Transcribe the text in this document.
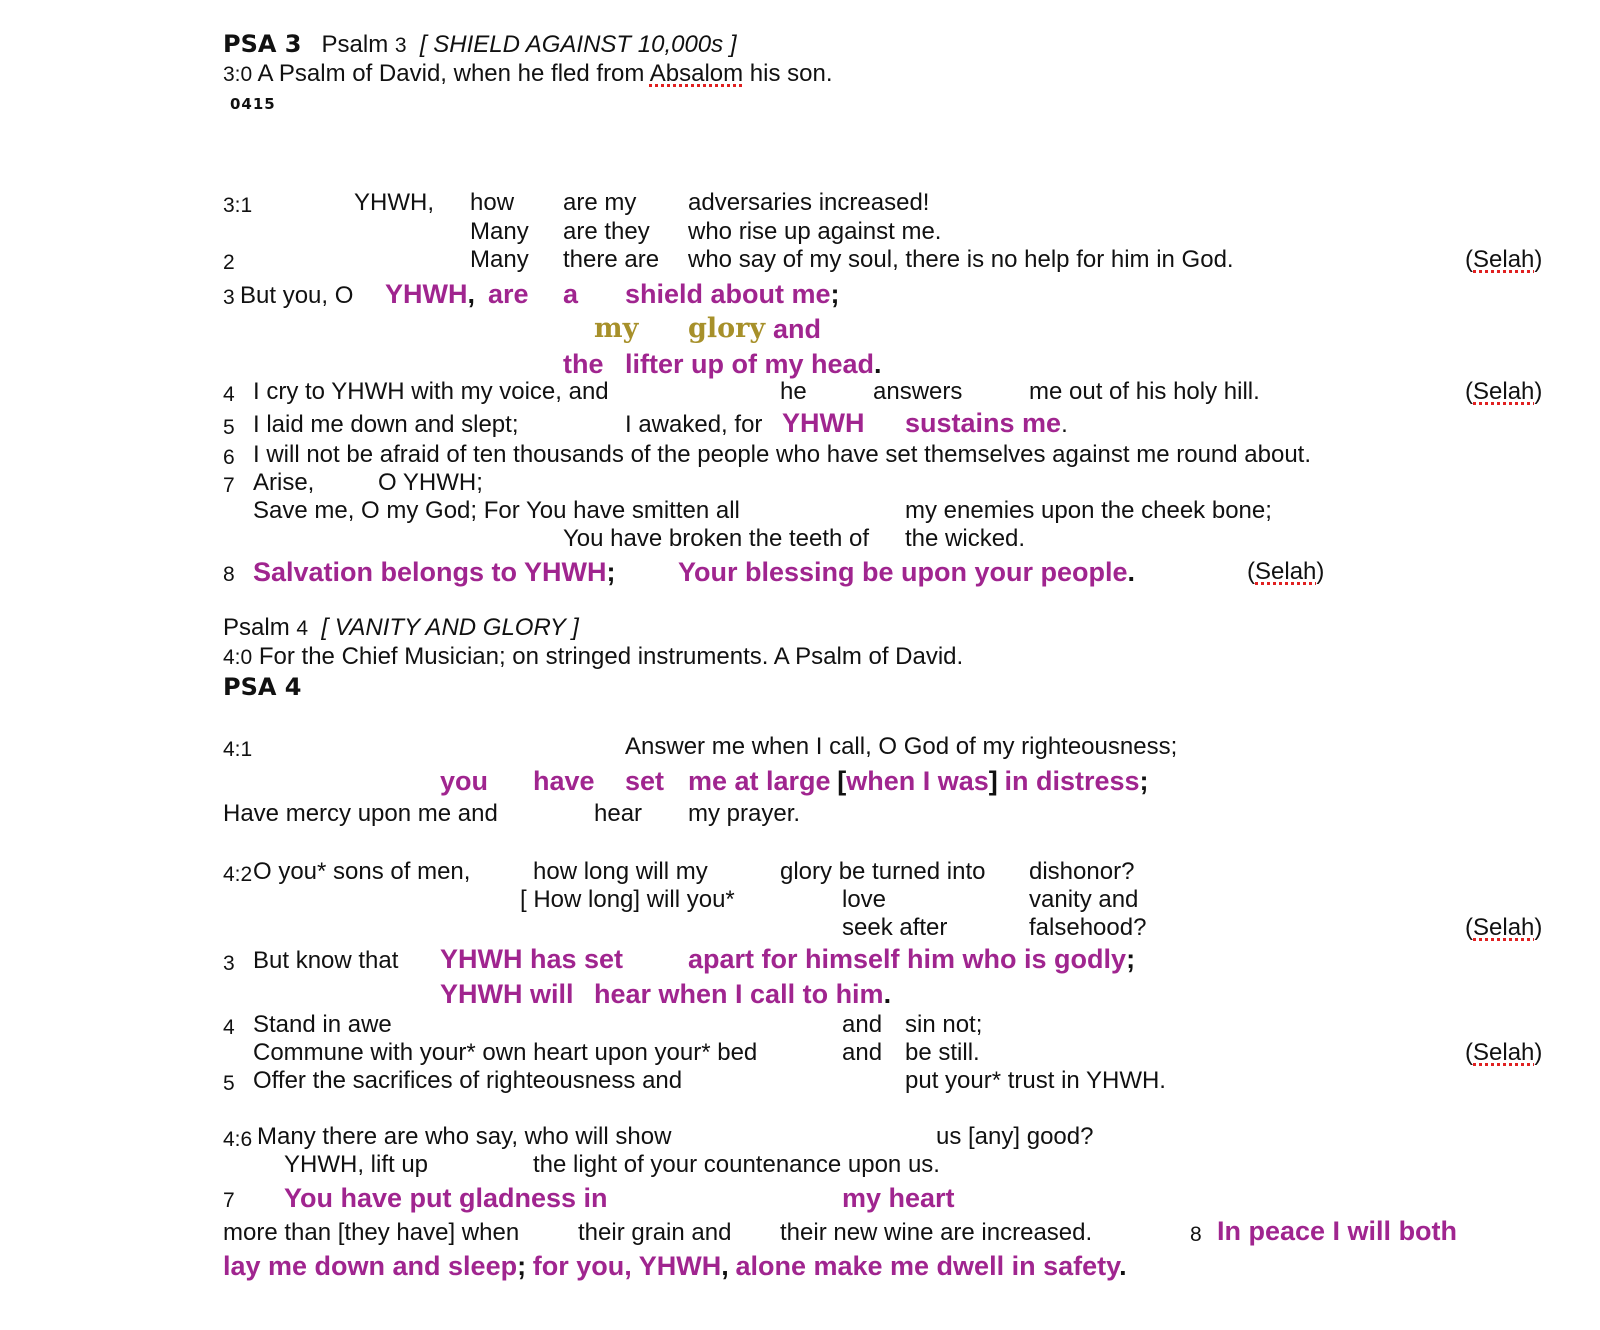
PSA 3 Psalm 3 [ SHIELD AGAINST 10,000s ]
3:0 A Psalm of David, when he fled from Absalom his son.
0415
3:1	YHWH, how are my adversaries increased!
Many are they who rise up against me.
2	Many there are who say of my soul, there is no help for him in God.	(Selah)
3 But you, O YHWH, are a shield about me;
my glory and
the lifter up of my head.
4 I cry to YHWH with my voice, and	he	answers	me out of his holy hill.	(Selah)
5 I laid me down and slept;	I awaked, for YHWH sustains me.
6 I will not be afraid of ten thousands of the people who have set themselves against me round about.
7 Arise,	O YHWH;
Save me, O my God; For You have smitten all	my enemies upon the cheek bone;
You have broken the teeth of the wicked.
8 Salvation belongs to YHWH; Your blessing be upon your people.	(Selah)
Psalm 4 [ VANITY AND GLORY ]
4:0 For the Chief Musician; on stringed instruments. A Psalm of David.
PSA 4
4:1	Answer me when I call, O God of my righteousness;
you have set me at large [when I was] in distress;
Have mercy upon me and	hear my prayer.
4:2 O you* sons of men,	how long will my	glory be turned into dishonor?
[ How long] will you*	love	vanity and
seek after	falsehood?	(Selah)
3 But know that YHWH has set apart for himself him who is godly;
YHWH will hear when I call to him.
4 Stand in awe	and sin not;
Commune with your* own heart upon your* bed	and be still.	(Selah)
5 Offer the sacrifices of righteousness and	put your* trust in YHWH.
4:6 Many there are who say, who will show	us [any] good?
YHWH, lift up	the light of your countenance upon us.
7 You have put gladness in	my heart
more than [they have] when their grain and their new wine are increased.	8 In peace I will both
lay me down and sleep; for you, YHWH, alone make me dwell in safety.
